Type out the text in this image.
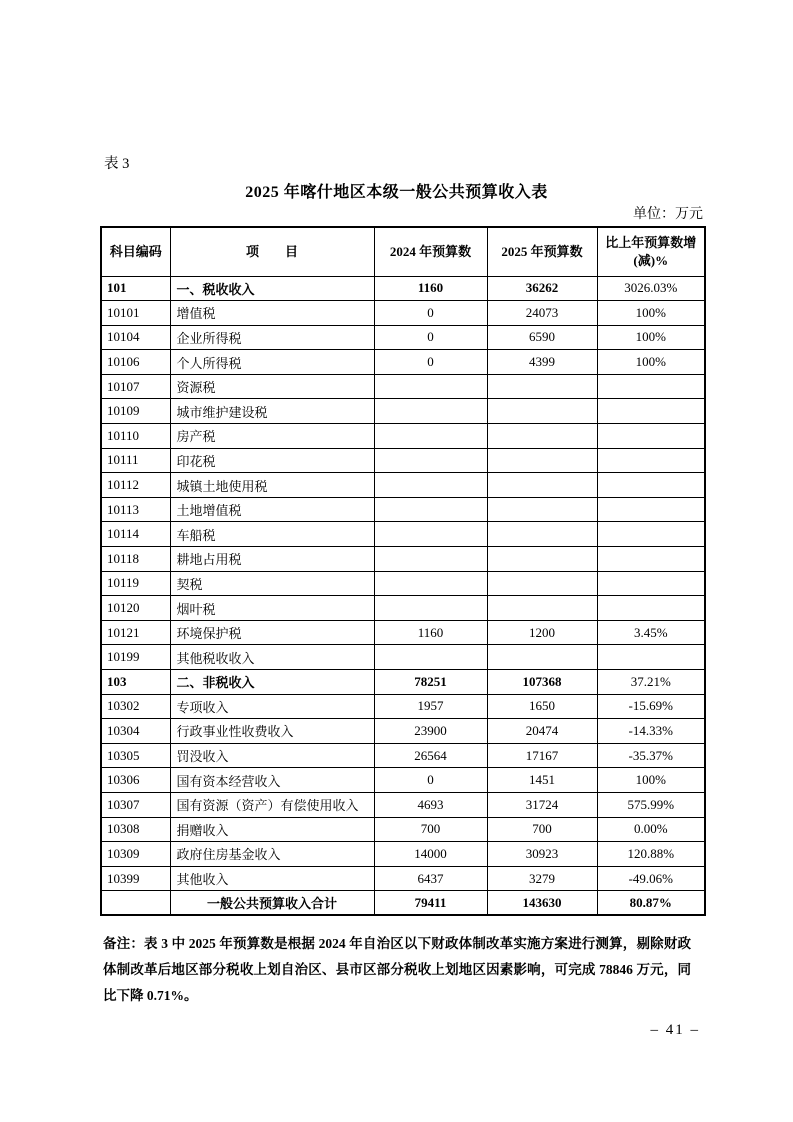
表 3
2025 年喀什地区本级一般公共预算收入表
单位：万元
科目编码	项　　目	2024 年预算数	2025 年预算数	比上年预算数增(减)%
101	一、税收收入	1160	36262	3026.03%
10101	增值税	0	24073	100%
10104	企业所得税	0	6590	100%
10106	个人所得税	0	4399	100%
10107	资源税			
10109	城市维护建设税			
10110	房产税			
10111	印花税			
10112	城镇土地使用税			
10113	土地增值税			
10114	车船税			
10118	耕地占用税			
10119	契税			
10120	烟叶税			
10121	环境保护税	1160	1200	3.45%
10199	其他税收收入			
103	二、非税收入	78251	107368	37.21%
10302	专项收入	1957	1650	-15.69%
10304	行政事业性收费收入	23900	20474	-14.33%
10305	罚没收入	26564	17167	-35.37%
10306	国有资本经营收入	0	1451	100%
10307	国有资源（资产）有偿使用收入	4693	31724	575.99%
10308	捐赠收入	700	700	0.00%
10309	政府住房基金收入	14000	30923	120.88%
10399	其他收入	6437	3279	-49.06%
	一般公共预算收入合计	79411	143630	80.87%
备注：表 3 中 2025 年预算数是根据 2024 年自治区以下财政体制改革实施方案进行测算，剔除财政体制改革后地区部分税收上划自治区、县市区部分税收上划地区因素影响，可完成 78846 万元，同比下降 0.71%。
– 41 –
